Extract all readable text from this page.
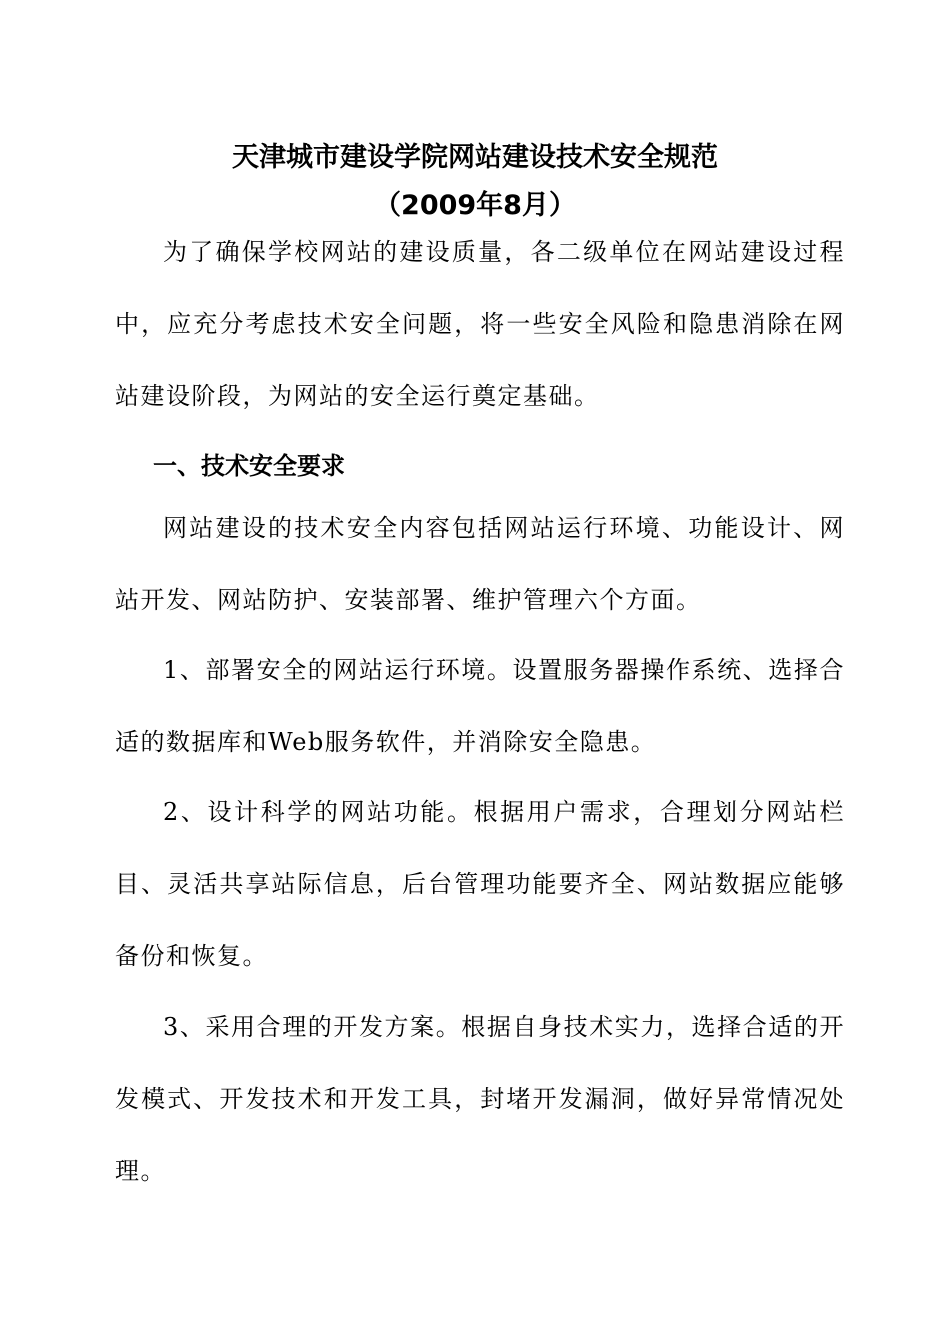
天津城市建设学院网站建设技术安全规范
（2009年8月）

为了确保学校网站的建设质量，各二级单位在网站建设过程中，应充分考虑技术安全问题，将一些安全风险和隐患消除在网站建设阶段，为网站的安全运行奠定基础。

一、技术安全要求

网站建设的技术安全内容包括网站运行环境、功能设计、网站开发、网站防护、安装部署、维护管理六个方面。

1、部署安全的网站运行环境。设置服务器操作系统、选择合适的数据库和Web服务软件，并消除安全隐患。

2、设计科学的网站功能。根据用户需求，合理划分网站栏目、灵活共享站际信息，后台管理功能要齐全、网站数据应能够备份和恢复。

3、采用合理的开发方案。根据自身技术实力，选择合适的开发模式、开发技术和开发工具，封堵开发漏洞，做好异常情况处理。
